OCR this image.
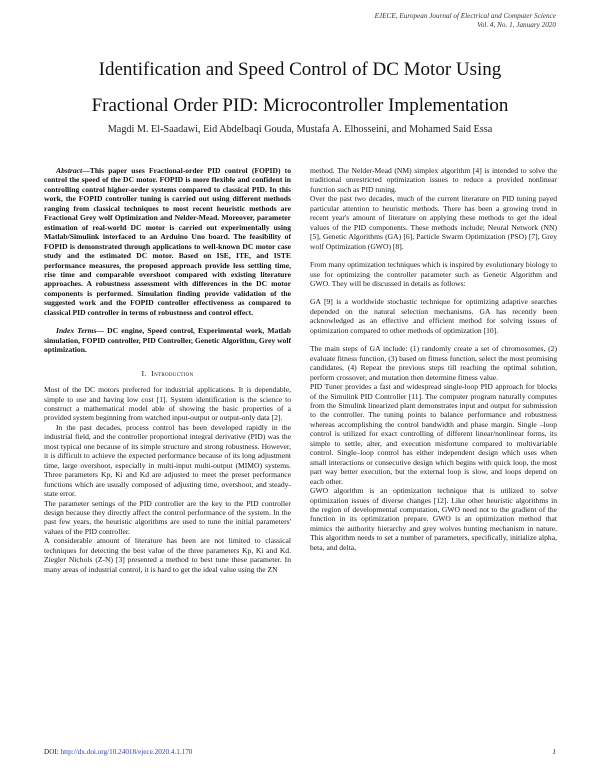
EJECE, European Journal of Electrical and Computer Science
Vol. 4, No. 1, January 2020
Identification and Speed Control of DC Motor Using
Fractional Order PID: Microcontroller Implementation
Magdi M. El-Saadawi, Eid Abdelbaqi Gouda, Mustafa A. Elhosseini, and Mohamed Said Essa

Abstract—This paper uses Fractional-order PID control (FOPID) to control the speed of the DC motor. FOPID is more flexible and confident in controlling control higher-order systems compared to classical PID. In this work, the FOPID controller tuning is carried out using different methods ranging from classical techniques to most recent heuristic methods are Fractional Grey wolf Optimization and Nelder-Mead. Moreover, parameter estimation of real-world DC motor is carried out experimentally using Matlab/Simulink interfaced to an Arduino Uno board. The feasibility of FOPID is demonstrated through applications to well-known DC motor case study and the estimated DC motor. Based on ISE, ITE, and ISTE performance measures, the proposed approach provide less settling time, rise time and comparable overshoot compared with existing literature approaches. A robustness assessment with differences in the DC motor components is performed. Simulation finding provide validation of the suggested work and the FOPID controller effectiveness as compared to classical PID controller in terms of robustness and control effect.

Index Terms— DC engine, Speed control, Experimental work, Matlab simulation, FOPID controller, PID Controller, Genetic Algorithm, Grey wolf optimization.

I. Introduction

Most of the DC motors preferred for industrial applications. It is dependable, simple to use and having low cost [1]. System identification is the science to construct a mathematical model able of showing the basic properties of a provided system beginning from watched input-output or output-only data [2].

In the past decades, process control has been developed rapidly in the industrial field, and the controller proportional integral derivative (PID) was the most typical one because of its simple structure and strong robustness. However, it is difficult to achieve the expected performance because of its long adjustment time, large overshoot, especially in multi-input multi-output (MIMO) systems. Three parameters Kp, Ki and Kd are adjusted to meet the preset performance functions which are usually composed of adjusting time, overshoot, and steady-state error.

The parameter settings of the PID controller are the key to the PID controller design because they directly affect the control performance of the system. In the past few years, the heuristic algorithms are used to tune the initial parameters' values of the PID controller.

A considerable amount of literature has been are not limited to classical techniques for detecting the best value of the three parameters Kp, Ki and Kd. Ziegler Nichols (Z-N) [3] presented a method to best tune these parameter. In many areas of industrial control, it is hard to get the ideal value using the ZN

method. The Nelder-Mead (NM) simplex algorithm [4] is intended to solve the traditional unrestricted optimization issues to reduce a provided nonlinear function such as PID tuning.

Over the past two decades, much of the current literature on PID tuning payed particular attention to heuristic methods. There has been a growing trend in recent year's amount of literature on applying these methods to get the ideal values of the PID components. These methods include; Neural Network (NN) [5], Genetic Algorithms (GA) [6], Particle Swarm Optimization (PSO) [7], Grey wolf Optimization (GWO) [8].

From many optimization techniques which is inspired by evolutionary biology to use for optimizing the controller parameter such as Genetic Algorithm and GWO. They will be discussed in details as follows:

GA [9] is a worldwide stochastic technique for optimizing adaptive searches depended on the natural selection mechanisms. GA has recently been acknowledged as an effective and efficient method for solving issues of optimization compared to other methods of optimization [10].

The main steps of GA include: (1) randomly create a set of chromosomes, (2) evaluate fitness function, (3) based on fitness function, select the most promising candidates, (4) Repeat the previous steps till reaching the optimal solution, perform crossover, and mutation then determine fitness value.

PID Tuner provides a fast and widespread single-loop PID approach for blocks of the Simulink PID Controller [11]. The computer program naturally computes from the Simulink linearized plant demonstrates input and output for submission to the controller. The tuning points to balance performance and robustness whereas accomplishing the control bandwidth and phase margin. Single –loop control is utilized for exact controlling of different linear/nonlinear forms, its simple to settle, alter, and execution misfortune compared to multivariable control. Single–loop control has either independent design which uses when small interactions or consecutive design which begins with quick loop, the most part way better execution, but the external loop is slow, and loops depend on each other.

GWO algorithm is an optimization technique that is utilized to solve optimization issues of diverse changes [12]. Like other heuristic algorithms in the region of developmental computation, GWO need not to the gradient of the function in its optimization prepare. GWO is an optimization method that mimics the authority hierarchy and grey wolves hunting mechanism in nature. This algorithm needs to set a number of parameters, specifically, initialize alpha, beta, and delta,

DOI: http://dx.doi.org/10.24018/ejece.2020.4.1.170	1
